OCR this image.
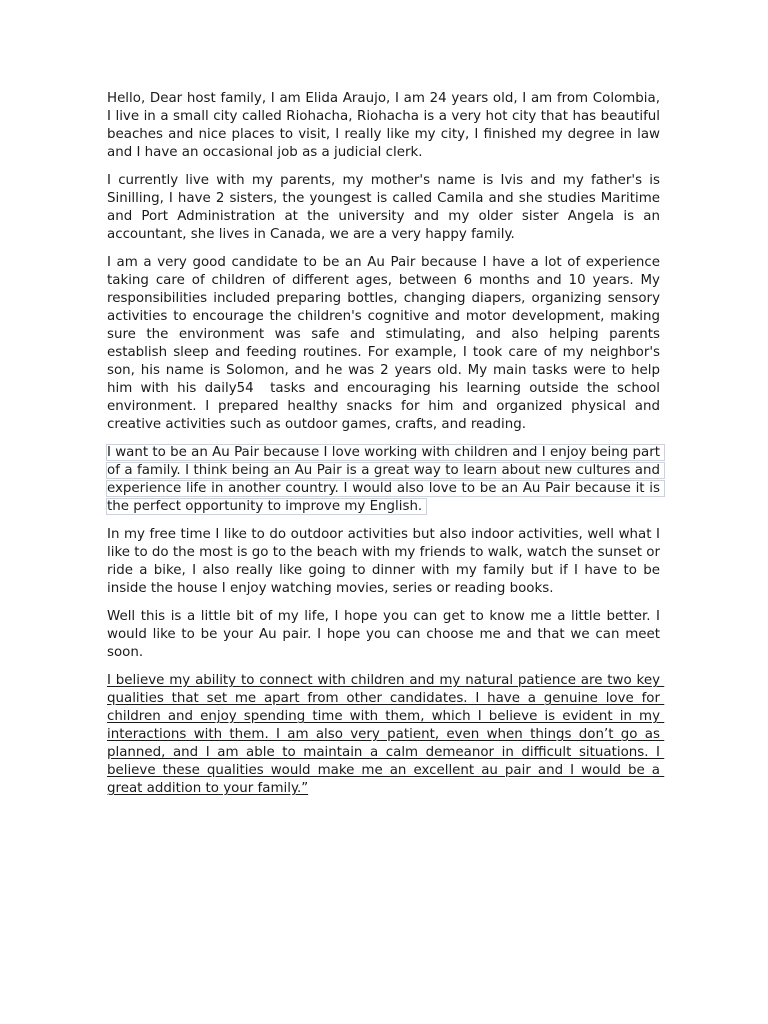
Hello, Dear host family, I am Elida Araujo, I am 24 years old, I am from Colombia, I live in a small city called Riohacha, Riohacha is a very hot city that has beautiful beaches and nice places to visit, I really like my city, I finished my degree in law and I have an occasional job as a judicial clerk.

I currently live with my parents, my mother's name is Ivis and my father's is Sinilling, I have 2 sisters, the youngest is called Camila and she studies Maritime and Port Administration at the university and my older sister Angela is an accountant, she lives in Canada, we are a very happy family.

I am a very good candidate to be an Au Pair because I have a lot of experience taking care of children of different ages, between 6 months and 10 years. My responsibilities included preparing bottles, changing diapers, organizing sensory activities to encourage the children's cognitive and motor development, making sure the environment was safe and stimulating, and also helping parents establish sleep and feeding routines. For example, I took care of my neighbor's son, his name is Solomon, and he was 2 years old. My main tasks were to help him with his daily54  tasks and encouraging his learning outside the school environment. I prepared healthy snacks for him and organized physical and creative activities such as outdoor games, crafts, and reading.

I want to be an Au Pair because I love working with children and I enjoy being part of a family. I think being an Au Pair is a great way to learn about new cultures and experience life in another country. I would also love to be an Au Pair because it is the perfect opportunity to improve my English.

In my free time I like to do outdoor activities but also indoor activities, well what I like to do the most is go to the beach with my friends to walk, watch the sunset or ride a bike, I also really like going to dinner with my family but if I have to be inside the house I enjoy watching movies, series or reading books.

Well this is a little bit of my life, I hope you can get to know me a little better. I would like to be your Au pair. I hope you can choose me and that we can meet soon.

I believe my ability to connect with children and my natural patience are two key qualities that set me apart from other candidates. I have a genuine love for children and enjoy spending time with them, which I believe is evident in my interactions with them. I am also very patient, even when things don’t go as planned, and I am able to maintain a calm demeanor in difficult situations. I believe these qualities would make me an excellent au pair and I would be a great addition to your family.”
